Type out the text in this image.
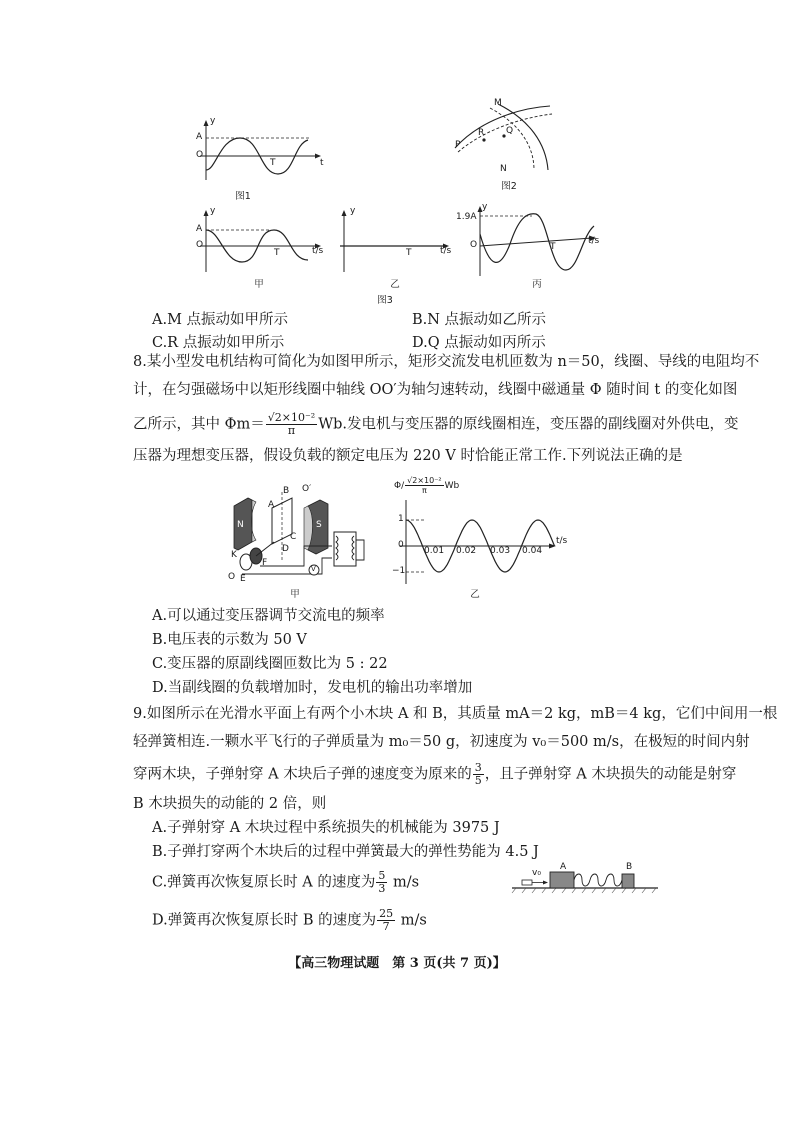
y
A
O
T	t
图1
M
R Q
P
N
图2
y
A
O
T	t/s
甲
y
T	t/s
乙
y
1.9A
O	T
t/s
丙
图3
A.M 点振动如甲所示	B.N 点振动如乙所示
C.R 点振动如甲所示	D.Q 点振动如丙所示
8.某小型发电机结构可简化为如图甲所示，矩形交流发电机匝数为 n＝50，线圈、导线的电阻均不
计，在匀强磁场中以矩形线圈中轴线 OO′为轴匀速转动，线圈中磁通量 Φ 随时间 t 的变化如图
乙所示，其中 $\Phi m= \frac{\text{√2×10⁻²}}{\pi} Wb$.发电机与变压器的原线圈相连，变压器的副线圈对外供电，变
压器为理想变压器，假设负载的额定电压为 220 V 时恰能正常工作.下列说法正确的是
N	S
B
A
O′
C
D
K
F
O E
V
甲
$\Phi/ \frac{\text{√2×10⁻²}}{\pi}$ Wb
1
0
−1
0.01 0.02 0.03 0.04
t/s
乙
A.可以通过变压器调节交流电的频率
B.电压表的示数为 50 V
C.变压器的原副线圈匝数比为 5 : 22
D.当副线圈的负载增加时，发电机的输出功率增加
9.如图所示在光滑水平面上有两个小木块 A 和 B，其质量 mA＝2 kg，mB＝4 kg，它们中间用一根
轻弹簧相连.一颗水平飞行的子弹质量为 m₀＝50 g，初速度为 v₀＝500 m/s，在极短的时间内射
穿两木块，子弹射穿 A 木块后子弹的速度变为原来的 $\frac{3}{5}$ ，且子弹射穿 A 木块损失的动能是射穿
B 木块损失的动能的 2 倍，则
A.子弹射穿 A 木块过程中系统损失的机械能为 3975 J
B.子弹打穿两个木块后的过程中弹簧最大的弹性势能为 4.5 J
C.弹簧再次恢复原长时 A 的速度为 $\frac{5}{3} m/s$
D.弹簧再次恢复原长时 B 的速度为 $\frac{25}{7} m/s$
v₀
A	B
【高三物理试题　第 3 页(共 7 页)】
